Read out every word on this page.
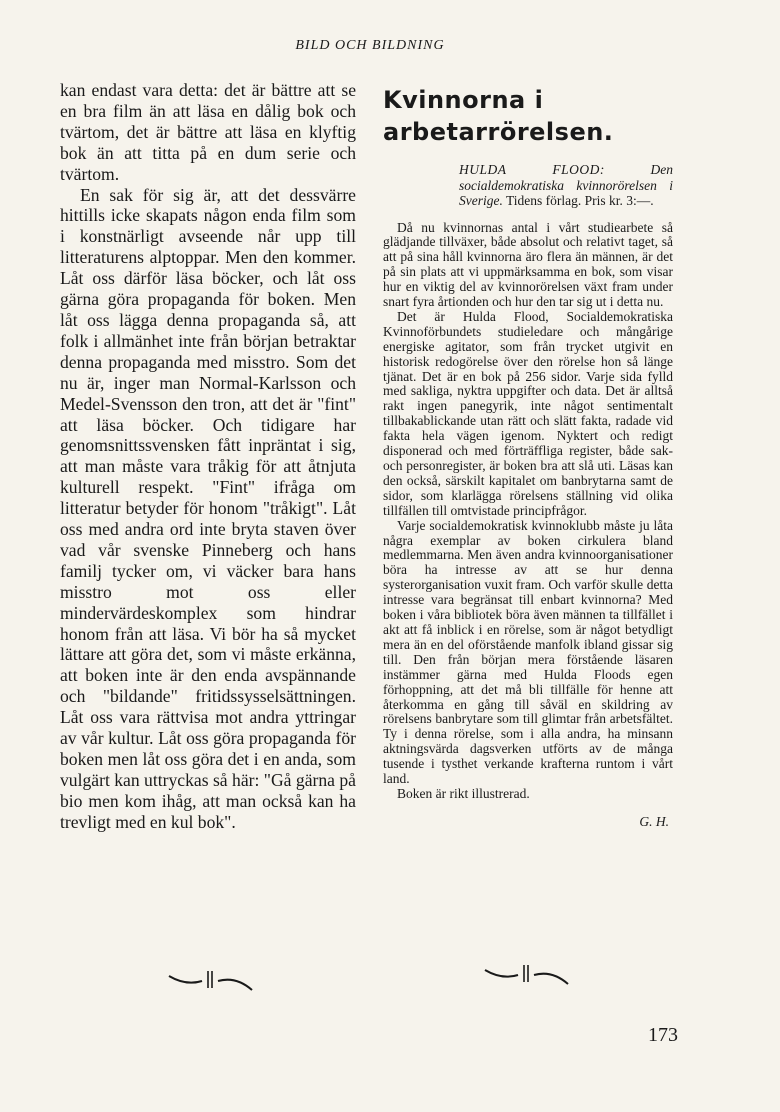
BILD OCH BILDNING

kan endast vara detta: det är bättre att se en bra film än att läsa en dålig bok och tvärtom, det är bättre att läsa en klyftig bok än att titta på en dum serie och tvärtom.

En sak för sig är, att det dessvärre hittills icke skapats någon enda film som i konstnärligt avseende når upp till litteraturens alptoppar. Men den kommer. Låt oss därför läsa böcker, och låt oss gärna göra propaganda för boken. Men låt oss lägga denna propaganda så, att folk i allmänhet inte från början betraktar denna propaganda med misstro. Som det nu är, inger man Normal-Karlsson och Medel-Svensson den tron, att det är "fint" att läsa böcker. Och tidigare har genomsnittssvensken fått inpräntat i sig, att man måste vara tråkig för att åtnjuta kulturell respekt. "Fint" ifråga om litteratur betyder för honom "tråkigt". Låt oss med andra ord inte bryta staven över vad vår svenske Pinneberg och hans familj tycker om, vi väcker bara hans misstro mot oss eller mindervärdeskomplex som hindrar honom från att läsa. Vi bör ha så mycket lättare att göra det, som vi måste erkänna, att boken inte är den enda avspännande och "bildande" fritidssysselsättningen. Låt oss vara rättvisa mot andra yttringar av vår kultur. Låt oss göra propaganda för boken men låt oss göra det i en anda, som vulgärt kan uttryckas så här: "Gå gärna på bio men kom ihåg, att man också kan ha trevligt med en kul bok".

Kvinnorna i arbetarrörelsen.
HULDA FLOOD:	Den socialdemokratiska kvinnorörelsen i Sverige. Tidens förlag. Pris kr. 3:—.

Då nu kvinnornas antal i vårt studiearbete så glädjande tillväxer, både absolut och relativt taget, så att på sina håll kvinnorna äro flera än männen, är det på sin plats att vi uppmärksamma en bok, som visar hur en viktig del av kvinnorörelsen växt fram under snart fyra årtionden och hur den tar sig ut i detta nu.

Det är Hulda Flood, Socialdemokratiska Kvinnoförbundets studieledare och mångårige energiske agitator, som från trycket utgivit en historisk redogörelse över den rörelse hon så länge tjänat. Det är en bok på 256 sidor. Varje sida fylld med sakliga, nyktra uppgifter och data. Det är alltså rakt ingen panegyrik, inte något sentimentalt tillbakablickande utan rätt och slätt fakta, radade vid fakta hela vägen igenom. Nyktert och redigt disponerad och med förträffliga register, både sak- och personregister, är boken bra att slå uti. Läsas kan den också, särskilt kapitalet om banbrytarna samt de sidor, som klarlägga rörelsens ställning vid olika tillfällen till omtvistade principfrågor.

Varje socialdemokratisk kvinnoklubb måste ju låta några exemplar av boken cirkulera bland medlemmarna. Men även andra kvinnoorganisationer böra ha intresse av att se hur denna systerorganisation vuxit fram. Och varför skulle detta intresse vara begränsat till enbart kvinnorna? Med boken i våra bibliotek böra även männen ta tillfället i akt att få inblick i en rörelse, som är något betydligt mera än en del oförstående manfolk ibland gissar sig till. Den från början mera förstående läsaren instämmer gärna med Hulda Floods egen förhoppning, att det må bli tillfälle för henne att återkomma en gång till såväl en skildring av rörelsens banbrytare som till glimtar från arbetsfältet. Ty i denna rörelse, som i alla andra, ha minsann aktningsvärda dagsverken utförts av de många tusende i tysthet verkande krafterna runtom i vårt land.

Boken är rikt illustrerad.

G. H.
173
